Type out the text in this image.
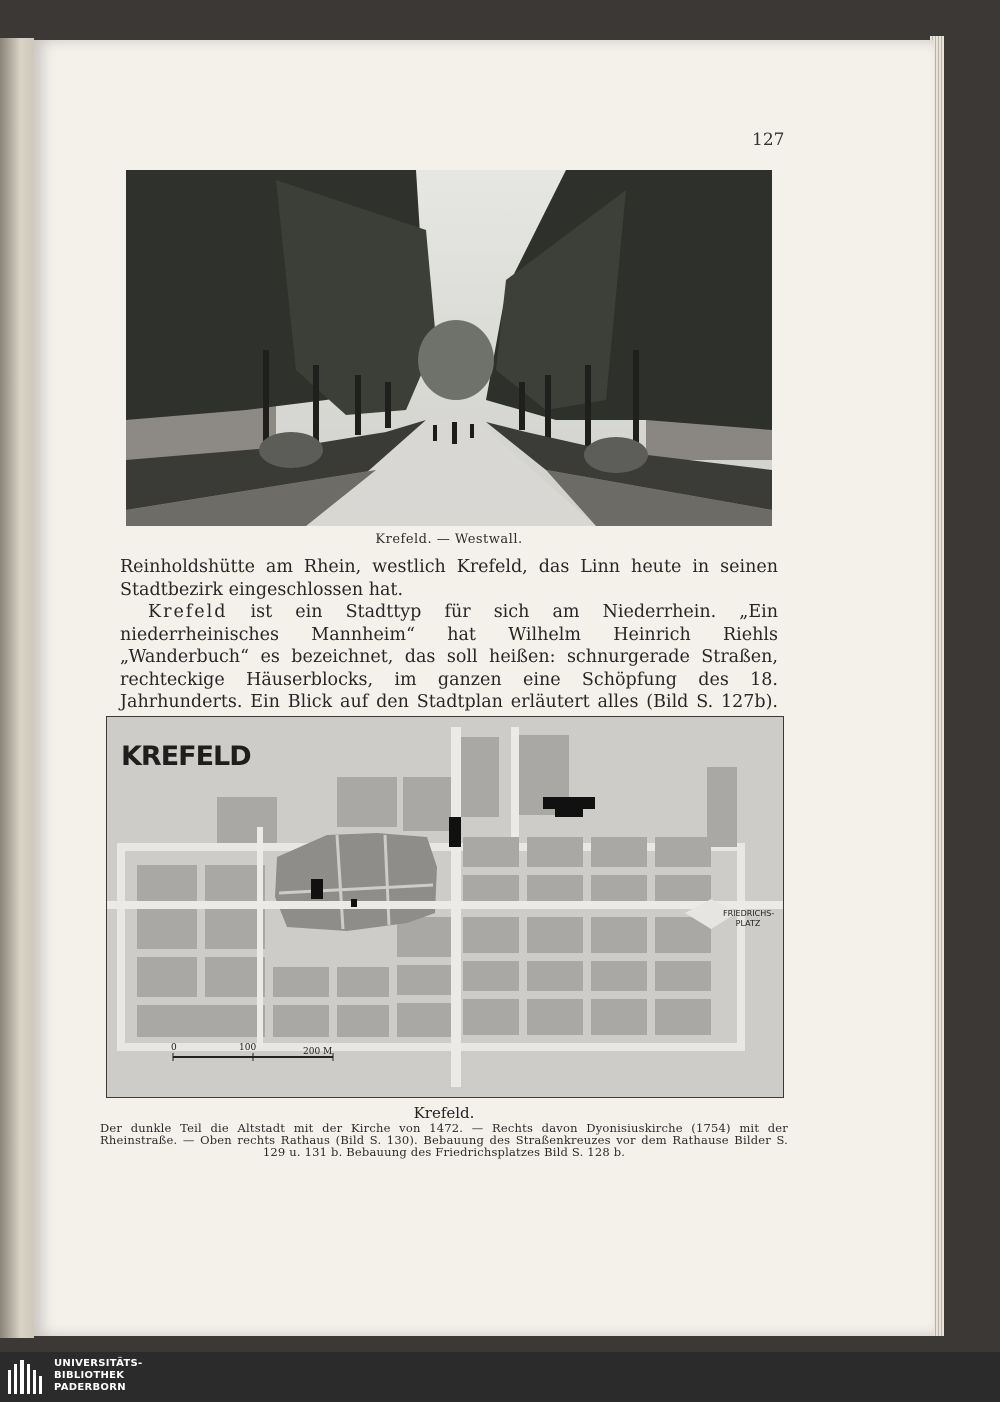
127
Krefeld. — Westwall.

Reinholdshütte am Rhein, westlich Krefeld, das Linn heute in seinen Stadtbezirk eingeschlossen hat.

Krefeld ist ein Stadttyp für sich am Niederrhein. „Ein niederrheinisches Mannheim“ hat Wilhelm Heinrich Riehls „Wanderbuch“ es bezeichnet, das soll heißen: schnurgerade Straßen, rechteckige Häuserblocks, im ganzen eine Schöpfung des 18. Jahrhunderts. Ein Blick auf den Stadtplan erläutert alles (Bild S. 127b).

KREFELD
FRIEDRICHS-
PLATZ
0	100	200 M
Krefeld.
Der dunkle Teil die Altstadt mit der Kirche von 1472. — Rechts davon Dyonisiuskirche (1754) mit der Rheinstraße. — Oben rechts Rathaus (Bild S. 130). Bebauung des Straßenkreuzes vor dem Rathause Bilder S. 129 u. 131 b. Bebauung des Friedrichsplatzes Bild S. 128 b.
UNIVERSITÄTS-
BIBLIOTHEK
PADERBORN
